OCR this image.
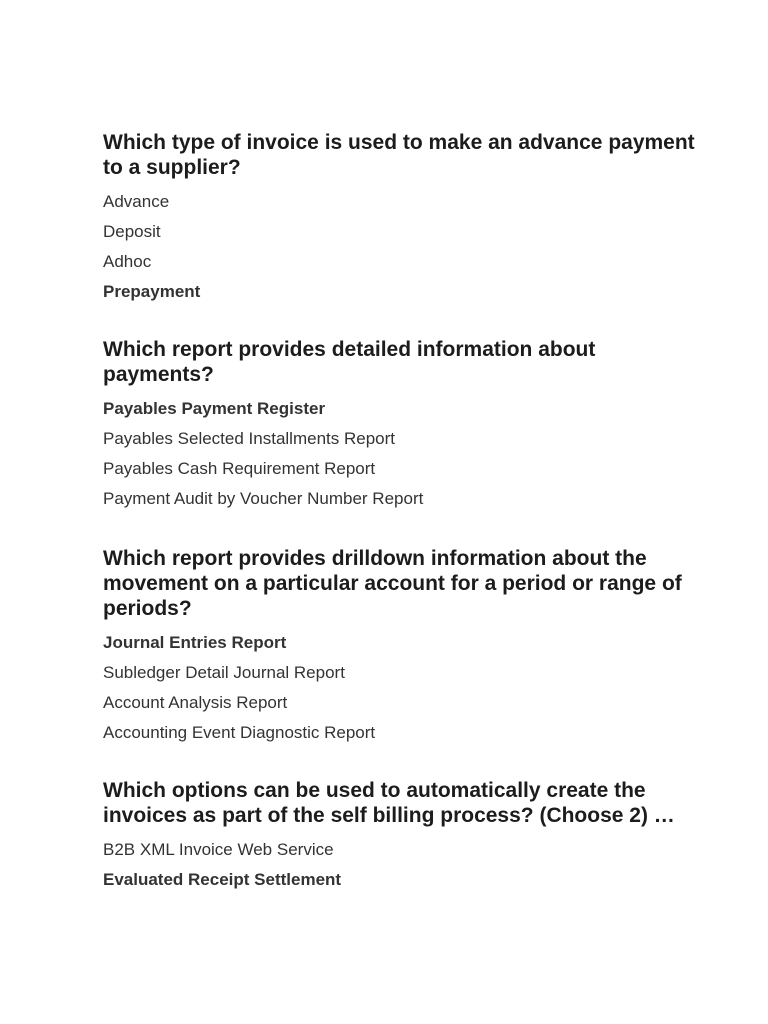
Which type of invoice is used to make an advance payment to a supplier?
Advance
Deposit
Adhoc
Prepayment
Which report provides detailed information about payments?
Payables Payment Register
Payables Selected Installments Report
Payables Cash Requirement Report
Payment Audit by Voucher Number Report
Which report provides drilldown information about the movement on a particular account for a period or range of periods?
Journal Entries Report
Subledger Detail Journal Report
Account Analysis Report
Accounting Event Diagnostic Report
Which options can be used to automatically create the invoices as part of the self billing process? (Choose 2) …
B2B XML Invoice Web Service
Evaluated Receipt Settlement
